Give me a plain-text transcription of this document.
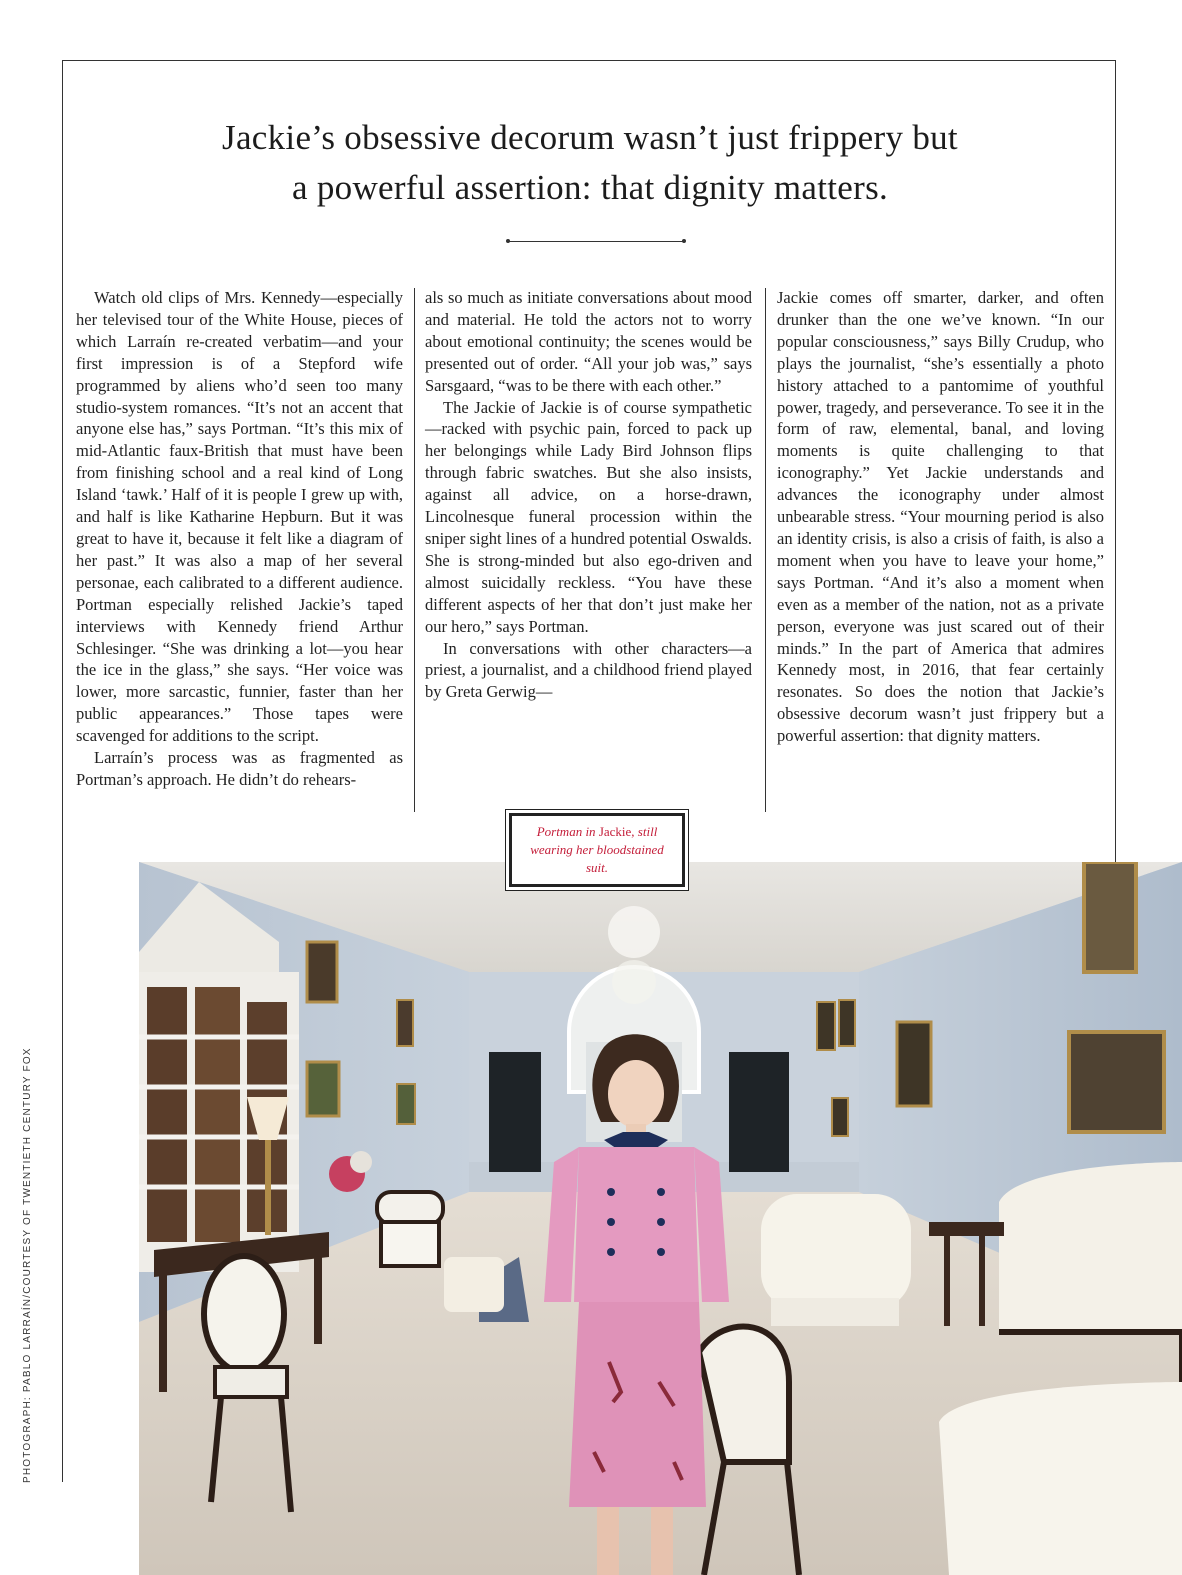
Jackie’s obsessive decorum wasn’t just frippery but
a powerful assertion: that dignity matters.

Watch old clips of Mrs. Kennedy—especially her televised tour of the White House, pieces of which Larraín re-created verbatim—and your first impression is of a Stepford wife programmed by aliens who’d seen too many studio-system romances. “It’s not an accent that anyone else has,” says Portman. “It’s this mix of mid-Atlantic faux-British that must have been from finishing school and a real kind of Long Island ‘tawk.’ Half of it is people I grew up with, and half is like Katharine Hepburn. But it was great to have it, because it felt like a diagram of her past.” It was also a map of her several personae, each calibrated to a different audience. Portman especially relished Jackie’s taped interviews with Kennedy friend Arthur Schlesinger. “She was drinking a lot—you hear the ice in the glass,” she says. “Her voice was lower, more sarcastic, funnier, faster than her public appearances.” Those tapes were scavenged for additions to the script.

Larraín’s process was as fragmented as Portman’s approach. He didn’t do rehears-

als so much as initiate conversations about mood and material. He told the actors not to worry about emotional continuity; the scenes would be presented out of order. “All your job was,” says Sarsgaard, “was to be there with each other.”

The Jackie of Jackie is of course sympathetic—racked with psychic pain, forced to pack up her belongings while Lady Bird Johnson flips through fabric swatches. But she also insists, against all advice, on a horse-drawn, Lincolnesque funeral procession within the sniper sight lines of a hundred potential Oswalds. She is strong-minded but also ego-driven and almost suicidally reckless. “You have these different aspects of her that don’t just make her our hero,” says Portman.

In conversations with other characters—a priest, a journalist, and a childhood friend played by Greta Gerwig—

Jackie comes off smarter, darker, and often drunker than the one we’ve known. “In our popular consciousness,” says Billy Crudup, who plays the journalist, “she’s essentially a photo history attached to a pantomime of youthful power, tragedy, and perseverance. To see it in the form of raw, elemental, banal, and loving moments is quite challenging to that iconography.” Yet Jackie understands and advances the iconography under almost unbearable stress. “Your mourning period is also an identity crisis, is also a crisis of faith, is also a moment when you have to leave your home,” says Portman. “And it’s also a moment when even as a member of the nation, not as a private person, everyone was just scared out of their minds.” In the part of America that admires Kennedy most, in 2016, that fear certainly resonates. So does the notion that Jackie’s obsessive decorum wasn’t just frippery but a powerful assertion: that dignity matters.

Portman in Jackie, still wearing her bloodstained suit.
PHOTOGRAPH: PABLO LARRAÍN/COURTESY OF TWENTIETH CENTURY FOX
